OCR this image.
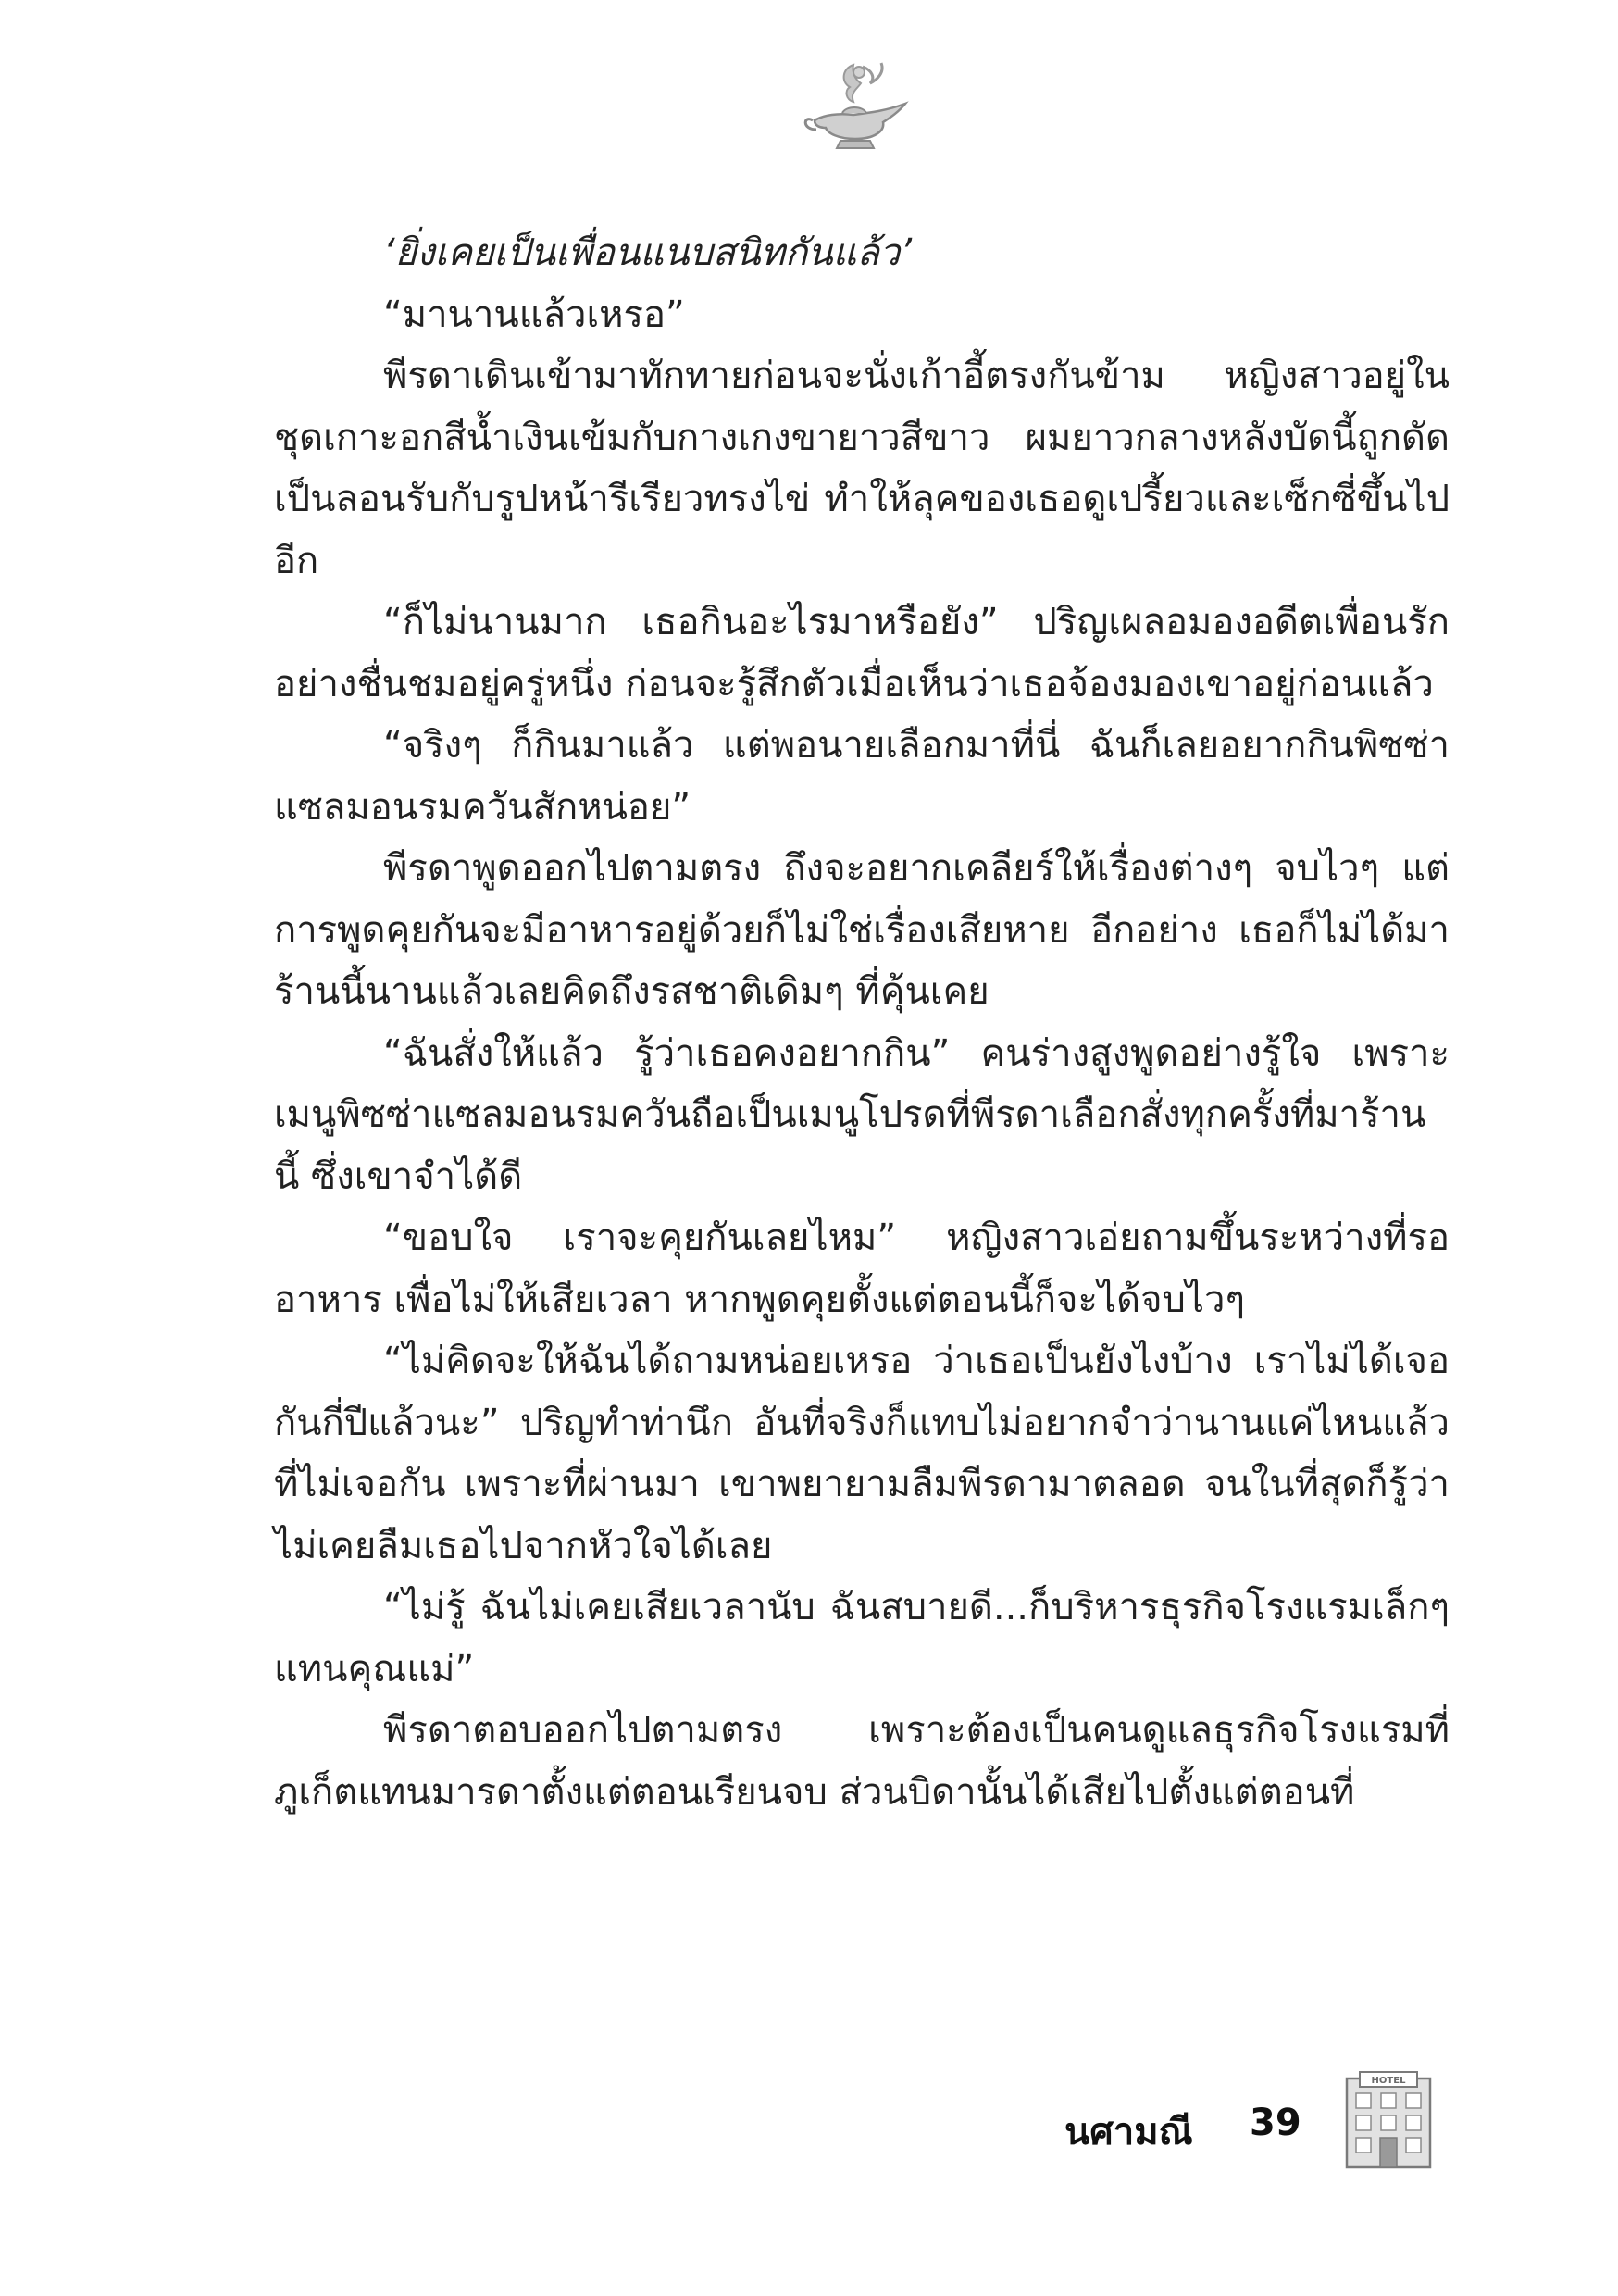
‘ยิ่งเคยเป็นเพื่อนแนบสนิทกันแล้ว’

“มานานแล้วเหรอ”

พีรดาเดินเข้ามาทักทายก่อนจะนั่งเก้าอี้ตรงกันข้าม หญิงสาวอยู่ในชุดเกาะอกสีน้ำเงินเข้มกับกางเกงขายาวสีขาว ผมยาวกลางหลังบัดนี้ถูกดัดเป็นลอนรับกับรูปหน้ารีเรียวทรงไข่ ทำให้ลุคของเธอดูเปรี้ยวและเซ็กซี่ขึ้นไปอีก

“ก็ไม่นานมาก เธอกินอะไรมาหรือยัง” ปริญเผลอมองอดีตเพื่อนรักอย่างชื่นชมอยู่ครู่หนึ่ง ก่อนจะรู้สึกตัวเมื่อเห็นว่าเธอจ้องมองเขาอยู่ก่อนแล้ว

“จริงๆ ก็กินมาแล้ว แต่พอนายเลือกมาที่นี่ ฉันก็เลยอยากกินพิซซ่าแซลมอนรมควันสักหน่อย”

พีรดาพูดออกไปตามตรง ถึงจะอยากเคลียร์ให้เรื่องต่างๆ จบไวๆ แต่การพูดคุยกันจะมีอาหารอยู่ด้วยก็ไม่ใช่เรื่องเสียหาย อีกอย่าง เธอก็ไม่ได้มาร้านนี้นานแล้วเลยคิดถึงรสชาติเดิมๆ ที่คุ้นเคย

“ฉันสั่งให้แล้ว รู้ว่าเธอคงอยากกิน” คนร่างสูงพูดอย่างรู้ใจ เพราะเมนูพิซซ่าแซลมอนรมควันถือเป็นเมนูโปรดที่พีรดาเลือกสั่งทุกครั้งที่มาร้านนี้ ซึ่งเขาจำได้ดี

“ขอบใจ เราจะคุยกันเลยไหม” หญิงสาวเอ่ยถามขึ้นระหว่างที่รออาหาร เพื่อไม่ให้เสียเวลา หากพูดคุยตั้งแต่ตอนนี้ก็จะได้จบไวๆ

“ไม่คิดจะให้ฉันได้ถามหน่อยเหรอ ว่าเธอเป็นยังไงบ้าง เราไม่ได้เจอกันกี่ปีแล้วนะ” ปริญทำท่านึก อันที่จริงก็แทบไม่อยากจำว่านานแค่ไหนแล้วที่ไม่เจอกัน เพราะที่ผ่านมา เขาพยายามลืมพีรดามาตลอด จนในที่สุดก็รู้ว่าไม่เคยลืมเธอไปจากหัวใจได้เลย

“ไม่รู้ ฉันไม่เคยเสียเวลานับ ฉันสบายดี...ก็บริหารธุรกิจโรงแรมเล็กๆ แทนคุณแม่”

พีรดาตอบออกไปตามตรง เพราะต้องเป็นคนดูแลธุรกิจโรงแรมที่ภูเก็ตแทนมารดาตั้งแต่ตอนเรียนจบ ส่วนบิดานั้นได้เสียไปตั้งแต่ตอนที่

นศามณี 39
HOTEL
